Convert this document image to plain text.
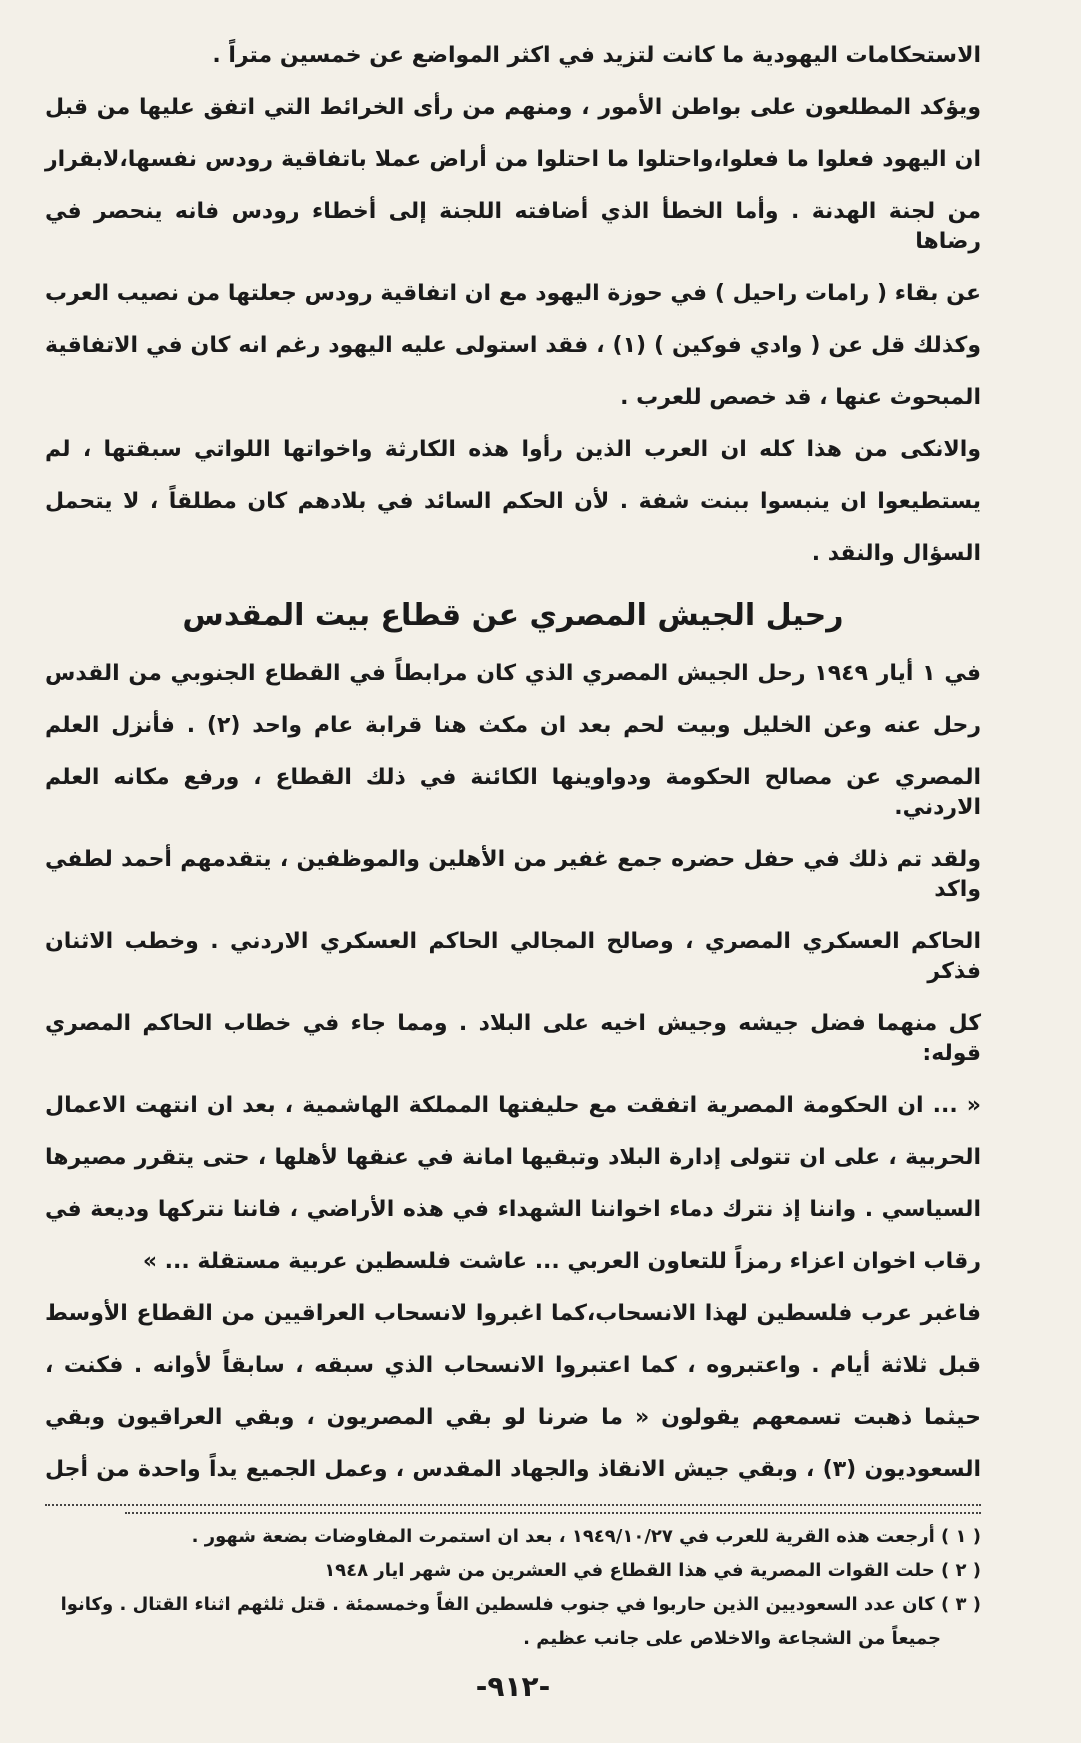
الاستحكامات اليهودية ما كانت لتزيد في اكثر المواضع عن خمسين متراً .
ويؤكد المطلعون على بواطن الأمور ، ومنهم من رأى الخرائط التي اتفق عليها من قبل
ان اليهود فعلوا ما فعلوا،واحتلوا ما احتلوا من أراض عملا باتفاقية رودس نفسها،لابقرار
من لجنة الهدنة . وأما الخطأ الذي أضافته اللجنة إلى أخطاء رودس فانه ينحصر في رضاها
عن بقاء ( رامات راحيل ) في حوزة اليهود مع ان اتفاقية رودس جعلتها من نصيب العرب
وكذلك قل عن ( وادي فوكين ) (١) ، فقد استولى عليه اليهود رغم انه كان في الاتفاقية
المبحوث عنها ، قد خصص للعرب .
والانكى من هذا كله ان العرب الذين رأوا هذه الكارثة واخواتها اللواتي سبقتها ، لم
يستطيعوا ان ينبسوا ببنت شفة . لأن الحكم السائد في بلادهم كان مطلقاً ، لا يتحمل
السؤال والنقد .
رحيل الجيش المصري عن قطاع بيت المقدس
في ١ أيار ١٩٤٩ رحل الجيش المصري الذي كان مرابطاً في القطاع الجنوبي من القدس
رحل عنه وعن الخليل وبيت لحم بعد ان مكث هنا قرابة عام واحد (٢) . فأنزل العلم
المصري عن مصالح الحكومة ودواوينها الكائنة في ذلك القطاع ، ورفع مكانه العلم الاردني.
ولقد تم ذلك في حفل حضره جمع غفير من الأهلين والموظفين ، يتقدمهم أحمد لطفي واكد
الحاكم العسكري المصري ، وصالح المجالي الحاكم العسكري الاردني . وخطب الاثنان فذكر
كل منهما فضل جيشه وجيش اخيه على البلاد . ومما جاء في خطاب الحاكم المصري قوله:
« ... ان الحكومة المصرية اتفقت مع حليفتها المملكة الهاشمية ، بعد ان انتهت الاعمال
الحربية ، على ان تتولى إدارة البلاد وتبقيها امانة في عنقها لأهلها ، حتى يتقرر مصيرها
السياسي . واننا إذ نترك دماء اخواننا الشهداء في هذه الأراضي ، فاننا نتركها وديعة في
رقاب اخوان اعزاء رمزاً للتعاون العربي ... عاشت فلسطين عربية مستقلة ... »
فاغبر عرب فلسطين لهذا الانسحاب،كما اغبروا لانسحاب العراقيين من القطاع الأوسط
قبل ثلاثة أيام . واعتبروه ، كما اعتبروا الانسحاب الذي سبقه ، سابقاً لأوانه . فكنت ،
حيثما ذهبت تسمعهم يقولون « ما ضرنا لو بقي المصريون ، وبقي العراقيون وبقي
السعوديون (٣) ، وبقي جيش الانقاذ والجهاد المقدس ، وعمل الجميع يداً واحدة من أجل
( ١ ) أرجعت هذه القرية للعرب في ١٩٤٩/١٠/٢٧ ، بعد ان استمرت المفاوضات بضعة شهور .
( ٢ ) حلت القوات المصرية في هذا القطاع في العشرين من شهر ايار ١٩٤٨
( ٣ ) كان عدد السعوديين الذين حاربوا في جنوب فلسطين الفاً وخمسمئة . قتل ثلثهم اثناء القتال . وكانوا
جميعاً من الشجاعة والاخلاص على جانب عظيم .
-٩١٢-
